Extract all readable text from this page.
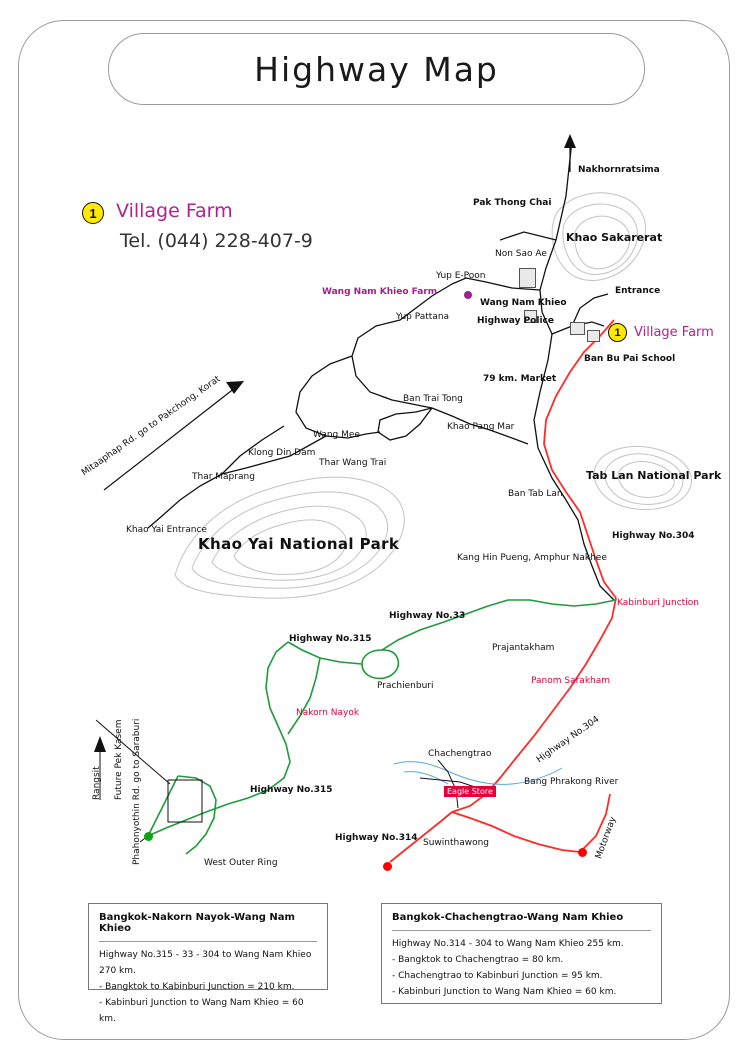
Highway Map
1	Village Farm
Tel. (044) 228-407-9
1	Village Farm
Eagle Store
Nakhornratsima
Pak Thong Chai
Khao Sakarerat
Non Sao Ae
Yup E-Poon
Wang Nam Khieo Farm
Wang Nam Khieo
Entrance
Highway Police
Yup Pattana
Ban Bu Pai School
79 km. Market
Ban Trai Tong
Khao Pang Mar
Wang Mee
Klong Din Dam
Thar Wang Trai
Tab Lan National Park
Thar Maprang
Ban Tab Lan
Khao Yai Entrance
Highway No.304
Khao Yai National Park
Kang Hin Pueng, Amphur Nakhee
Kabinburi Junction
Highway No.33
Highway No.315
Prajantakham
Panom Sarakham
Prachienburi
Nakorn Nayok
Chachengtrao
Bang Phrakong River
Highway No.315
Highway No.314 Suwinthawong
West Outer Ring
Mitaaphap Rd. go to Pakchong, Korat
Rangsit Future Pek Kasem Phahonyothin Rd. go to Saraburi	Highway No.304
Motorway
Bangkok-Nakorn Nayok-Wang Nam Khieo
Highway No.315 - 33 - 304 to Wang Nam Khieo 270 km.
- Bangktok to Kabinburi Junction = 210 km.
- Kabinburi Junction to Wang Nam Khieo = 60 km.
Bangkok-Chachengtrao-Wang Nam Khieo
Highway No.314 - 304 to Wang Nam Khieo 255 km.
- Bangktok to Chachengtrao = 80 km.
- Chachengtrao to Kabinburi Junction = 95 km.
- Kabinburi Junction to Wang Nam Khieo = 60 km.
